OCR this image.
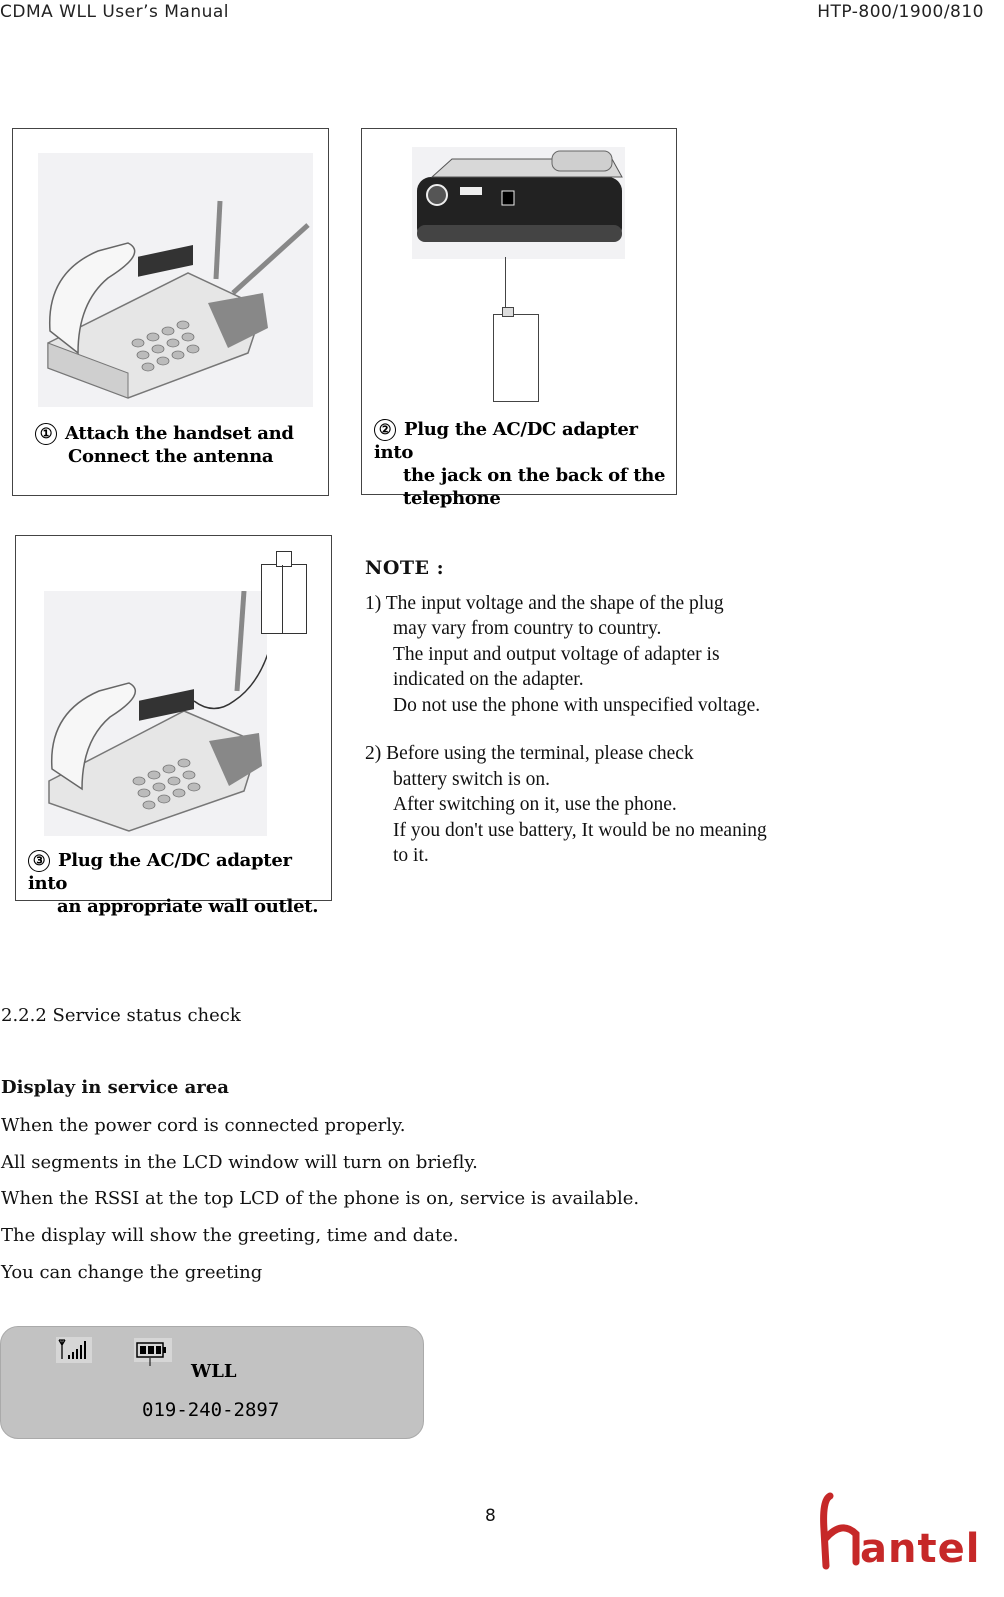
CDMA WLL User’s Manual	HTP-800/1900/810
① Attach the handset and
Connect the antenna
② Plug the AC/DC adapter into
the jack on the back of the
telephone
③ Plug the AC/DC adapter into
an appropriate wall outlet.
NOTE :
1) The input voltage and the shape of the plug
may vary from country to country.
The input and output voltage of adapter is
indicated on the adapter.
Do not use the phone with unspecified voltage.
2) Before using the terminal, please check
battery switch is on.
After switching on it, use the phone.
If you don't use battery, It would be no meaning
to it.
2.2.2 Service status check
Display in service area
When the power cord is connected properly.
All segments in the LCD window will turn on briefly.
When the RSSI at the top LCD of the phone is on, service is available.
The display will show the greeting, time and date.
You can change the greeting
WLL
019-240-2897
8
antel
